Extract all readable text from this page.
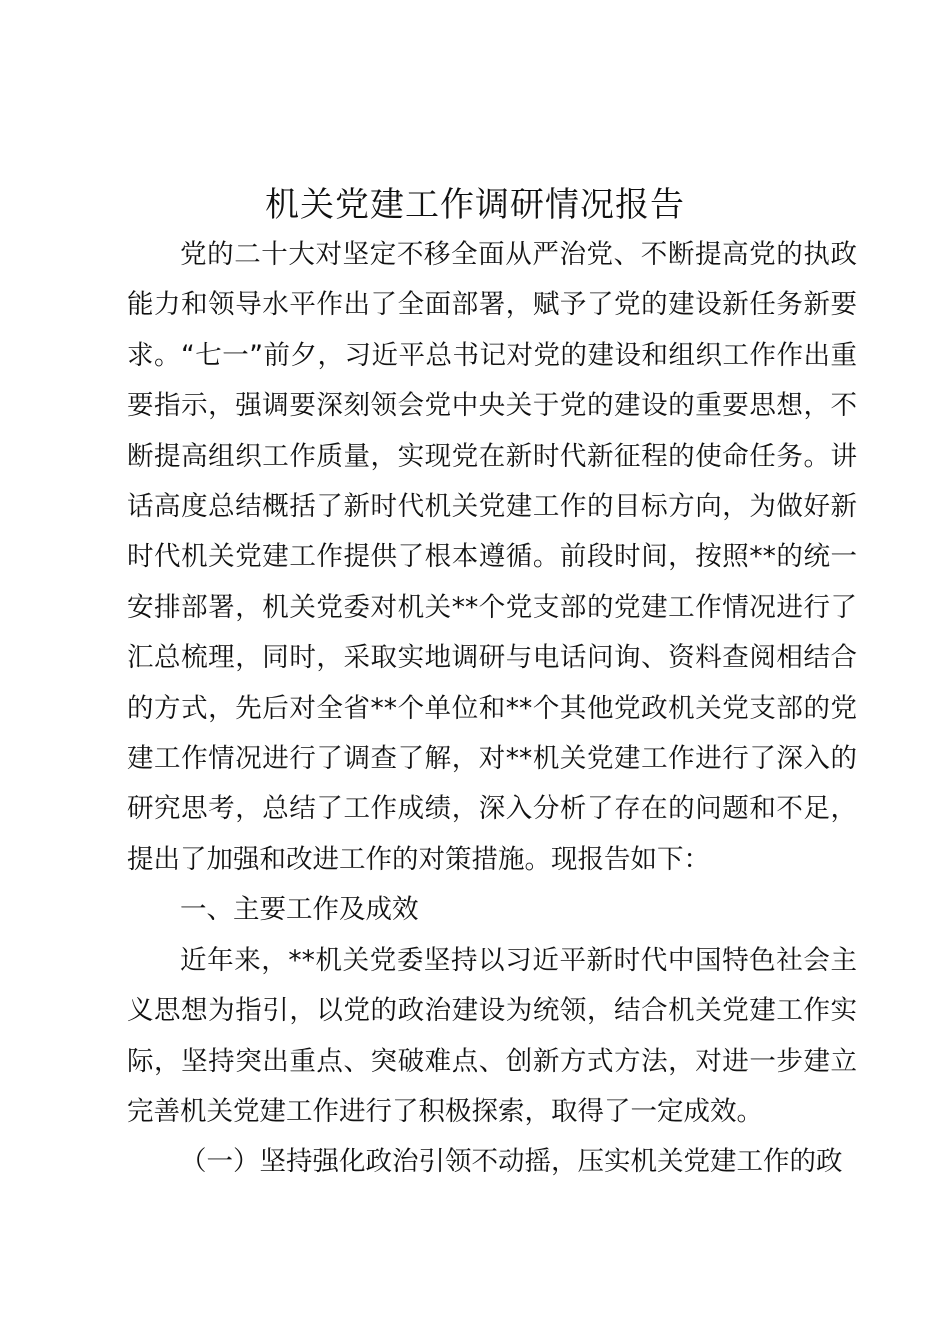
机关党建工作调研情况报告

党的二十大对坚定不移全面从严治党、不断提高党的执政能力和领导水平作出了全面部署，赋予了党的建设新任务新要求。“七一”前夕，习近平总书记对党的建设和组织工作作出重要指示，强调要深刻领会党中央关于党的建设的重要思想，不断提高组织工作质量，实现党在新时代新征程的使命任务。讲话高度总结概括了新时代机关党建工作的目标方向，为做好新时代机关党建工作提供了根本遵循。前段时间，按照**的统一安排部署，机关党委对机关**个党支部的党建工作情况进行了汇总梳理，同时，采取实地调研与电话问询、资料查阅相结合的方式，先后对全省**个单位和**个其他党政机关党支部的党建工作情况进行了调查了解，对**机关党建工作进行了深入的研究思考，总结了工作成绩，深入分析了存在的问题和不足，提出了加强和改进工作的对策措施。现报告如下：

一、主要工作及成效

近年来，**机关党委坚持以习近平新时代中国特色社会主义思想为指引，以党的政治建设为统领，结合机关党建工作实际，坚持突出重点、突破难点、创新方式方法，对进一步建立完善机关党建工作进行了积极探索，取得了一定成效。

（一）坚持强化政治引领不动摇，压实机关党建工作的政
